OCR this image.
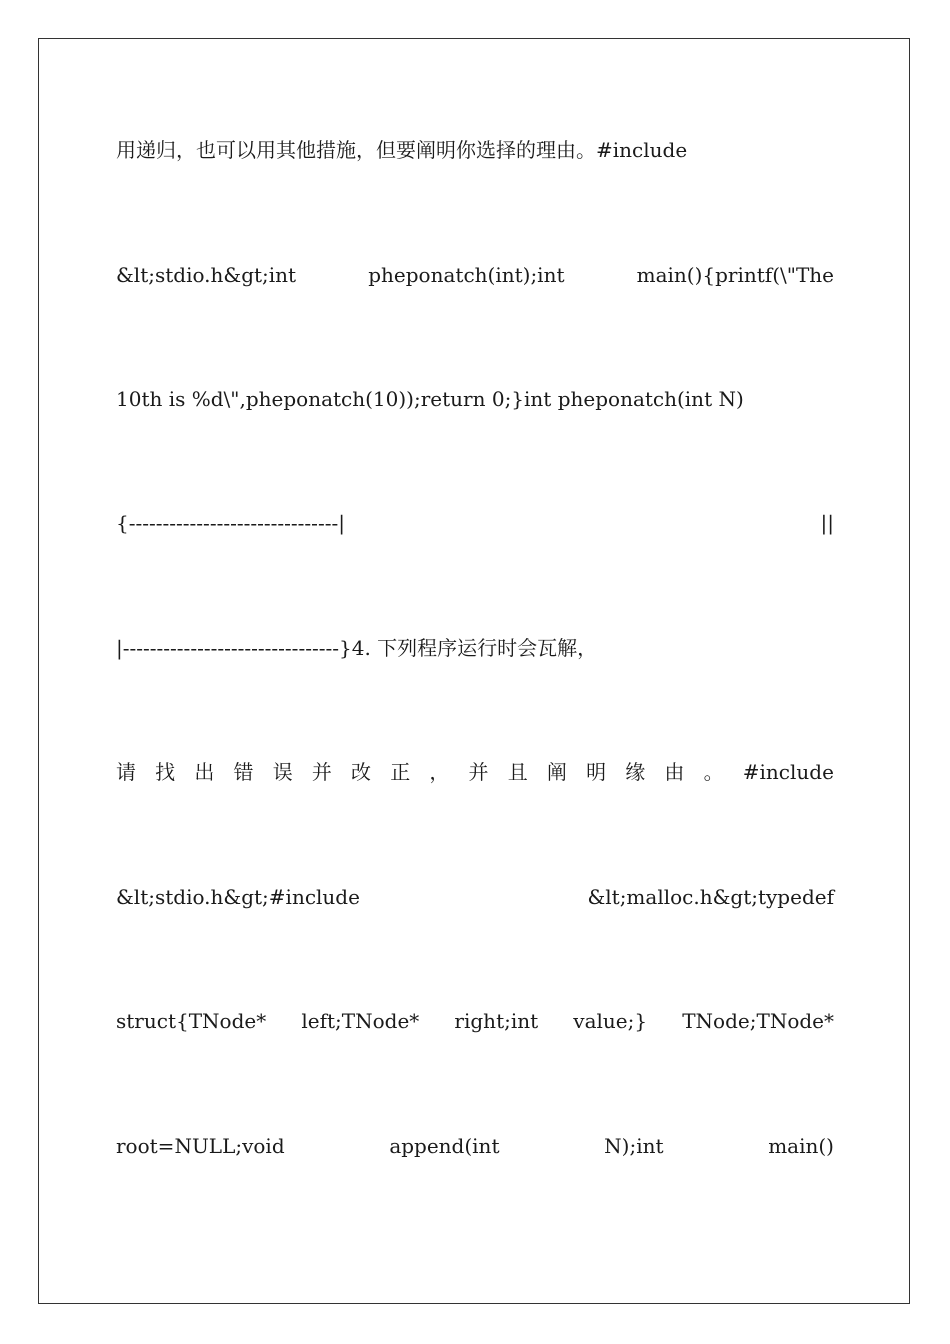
用递归，也可以用其他措施，但要阐明你选择的理由。#include
&lt;stdio.h&gt;int	pheponatch(int);int	main(){printf(\"The
10th is %d\",pheponatch(10));return 0;}int pheponatch(int N)
{-------------------------------|	||
|--------------------------------}4. 下列程序运行时会瓦解，
请 找 出 错 误 并 改 正 ， 并 且 阐 明 缘 由 。 #include
&lt;stdio.h&gt;#include	&lt;malloc.h&gt;typedef
struct{TNode* left;TNode* right;int value;} TNode;TNode*
root=NULL;void	append(int	N);int	main()
